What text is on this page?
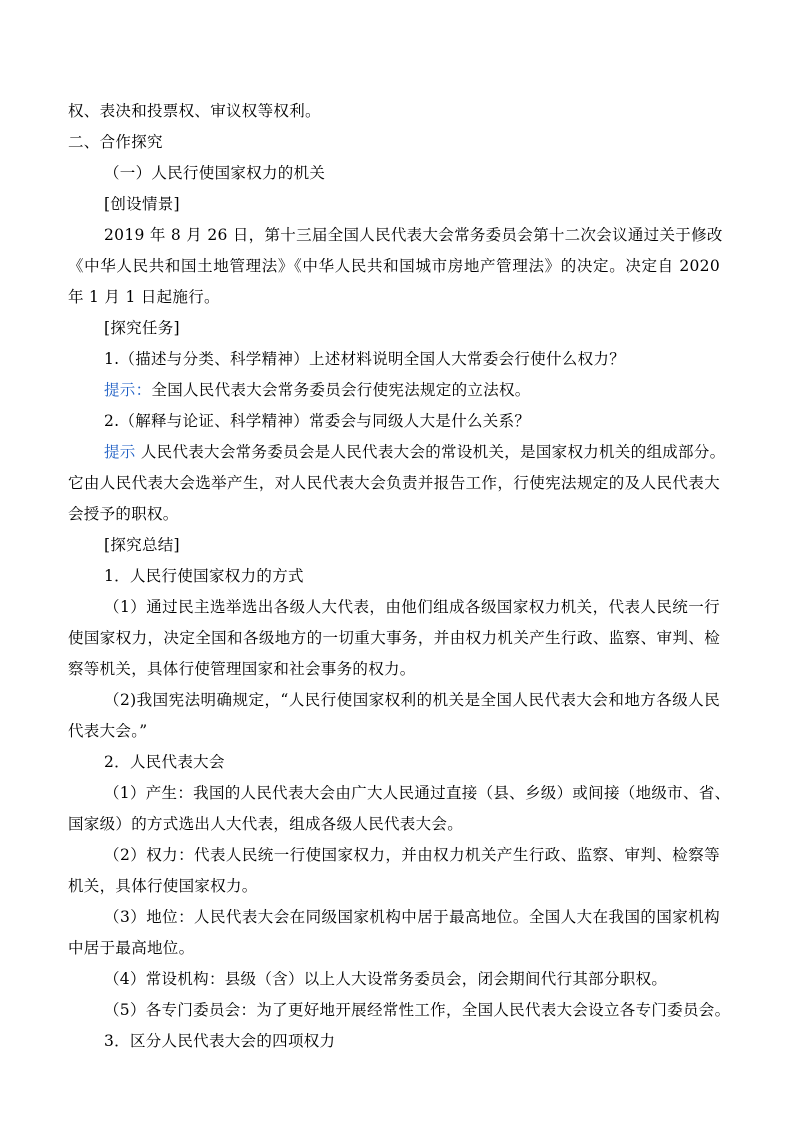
权、表决和投票权、审议权等权利。

二、合作探究

（一）人民行使国家权力的机关

[创设情景]

2019 年 8 月 26 日，第十三届全国人民代表大会常务委员会第十二次会议通过关于修改

《中华人民共和国土地管理法》《中华人民共和国城市房地产管理法》的决定。决定自 2020

年 1 月 1 日起施行。

[探究任务]

1.（描述与分类、科学精神）上述材料说明全国人大常委会行使什么权力？

提示：全国人民代表大会常务委员会行使宪法规定的立法权。

2.（解释与论证、科学精神）常委会与同级人大是什么关系？

提示 人民代表大会常务委员会是人民代表大会的常设机关，是国家权力机关的组成部分。

它由人民代表大会选举产生，对人民代表大会负责并报告工作，行使宪法规定的及人民代表大

会授予的职权。

[探究总结]

1．人民行使国家权力的方式

（1）通过民主选举选出各级人大代表，由他们组成各级国家权力机关，代表人民统一行

使国家权力，决定全国和各级地方的一切重大事务，并由权力机关产生行政、监察、审判、检

察等机关，具体行使管理国家和社会事务的权力。

（2)我国宪法明确规定，“人民行使国家权利的机关是全国人民代表大会和地方各级人民

代表大会。”

2．人民代表大会

（1）产生：我国的人民代表大会由广大人民通过直接（县、乡级）或间接（地级市、省、

国家级）的方式选出人大代表，组成各级人民代表大会。

（2）权力：代表人民统一行使国家权力，并由权力机关产生行政、监察、审判、检察等

机关，具体行使国家权力。

（3）地位：人民代表大会在同级国家机构中居于最高地位。全国人大在我国的国家机构

中居于最高地位。

（4）常设机构：县级（含）以上人大设常务委员会，闭会期间代行其部分职权。

（5）各专门委员会：为了更好地开展经常性工作，全国人民代表大会设立各专门委员会。

3．区分人民代表大会的四项权力
